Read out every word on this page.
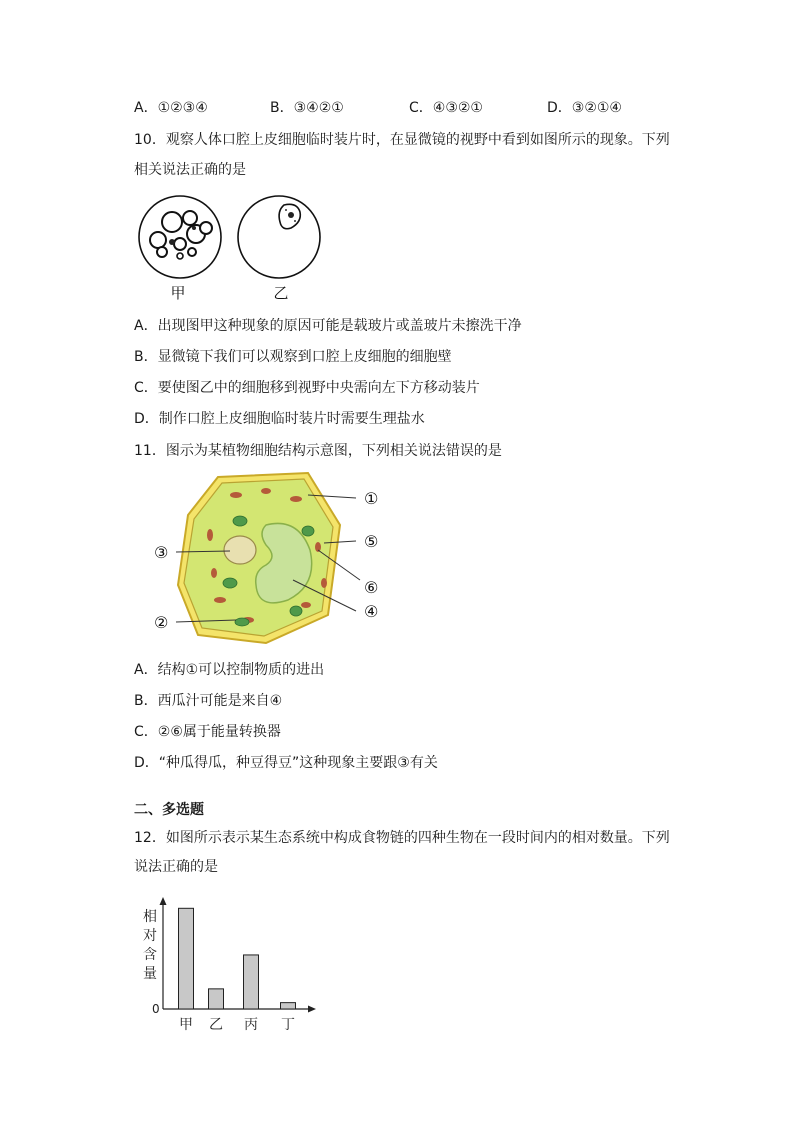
A．①②③④	B．③④②①	C．④③②①	D．③②①④
10．观察人体口腔上皮细胞临时装片时，在显微镜的视野中看到如图所示的现象。下列
相关说法正确的是
甲	乙
A．出现图甲这种现象的原因可能是载玻片或盖玻片未擦洗干净
B．显微镜下我们可以观察到口腔上皮细胞的细胞壁
C．要使图乙中的细胞移到视野中央需向左下方移动装片
D．制作口腔上皮细胞临时装片时需要生理盐水
11．图示为某植物细胞结构示意图，下列相关说法错误的是
①
⑤
⑥
④
③
②
A．结构①可以控制物质的进出
B．西瓜汁可能是来自④
C．②⑥属于能量转换器
D．“种瓜得瓜，种豆得豆”这种现象主要跟③有关
二、多选题
12．如图所示表示某生态系统中构成食物链的四种生物在一段时间内的相对数量。下列
说法正确的是
相
对
含
量
0
甲 乙 丙 丁
